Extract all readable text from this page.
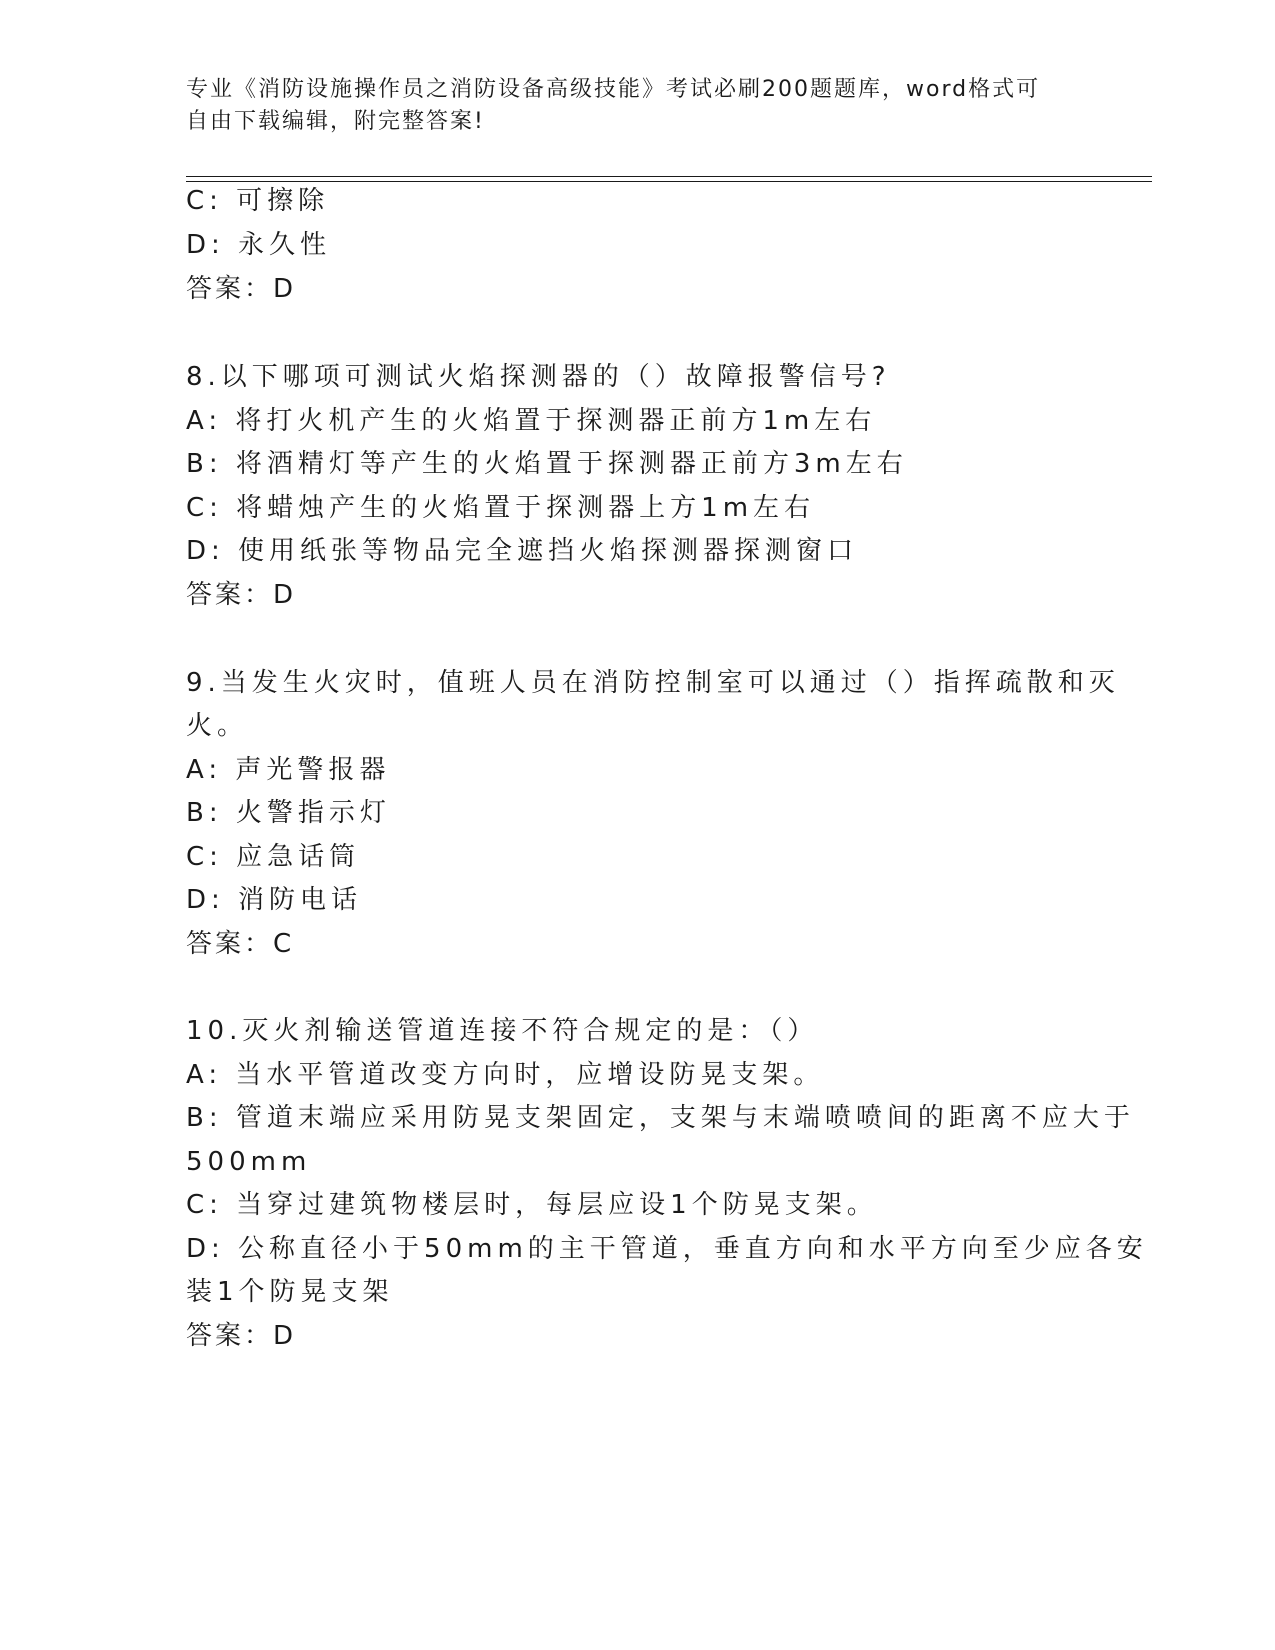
专业《消防设施操作员之消防设备高级技能》考试必刷200题题库，word格式可
自由下载编辑，附完整答案!
C: 可擦除
D: 永久性
答案：D
8.以下哪项可测试火焰探测器的（）故障报警信号?
A: 将打火机产生的火焰置于探测器正前方1m左右
B: 将酒精灯等产生的火焰置于探测器正前方3m左右
C: 将蜡烛产生的火焰置于探测器上方1m左右
D: 使用纸张等物品完全遮挡火焰探测器探测窗口
答案：D
9.当发生火灾时，值班人员在消防控制室可以通过（）指挥疏散和灭
火。
A: 声光警报器
B: 火警指示灯
C: 应急话筒
D: 消防电话
答案：C
10.灭火剂输送管道连接不符合规定的是：（）
A: 当水平管道改变方向时，应增设防晃支架。
B: 管道末端应采用防晃支架固定，支架与末端喷喷间的距离不应大于
500mm
C: 当穿过建筑物楼层时，每层应设1个防晃支架。
D: 公称直径小于50mm的主干管道，垂直方向和水平方向至少应各安
装1个防晃支架
答案：D
